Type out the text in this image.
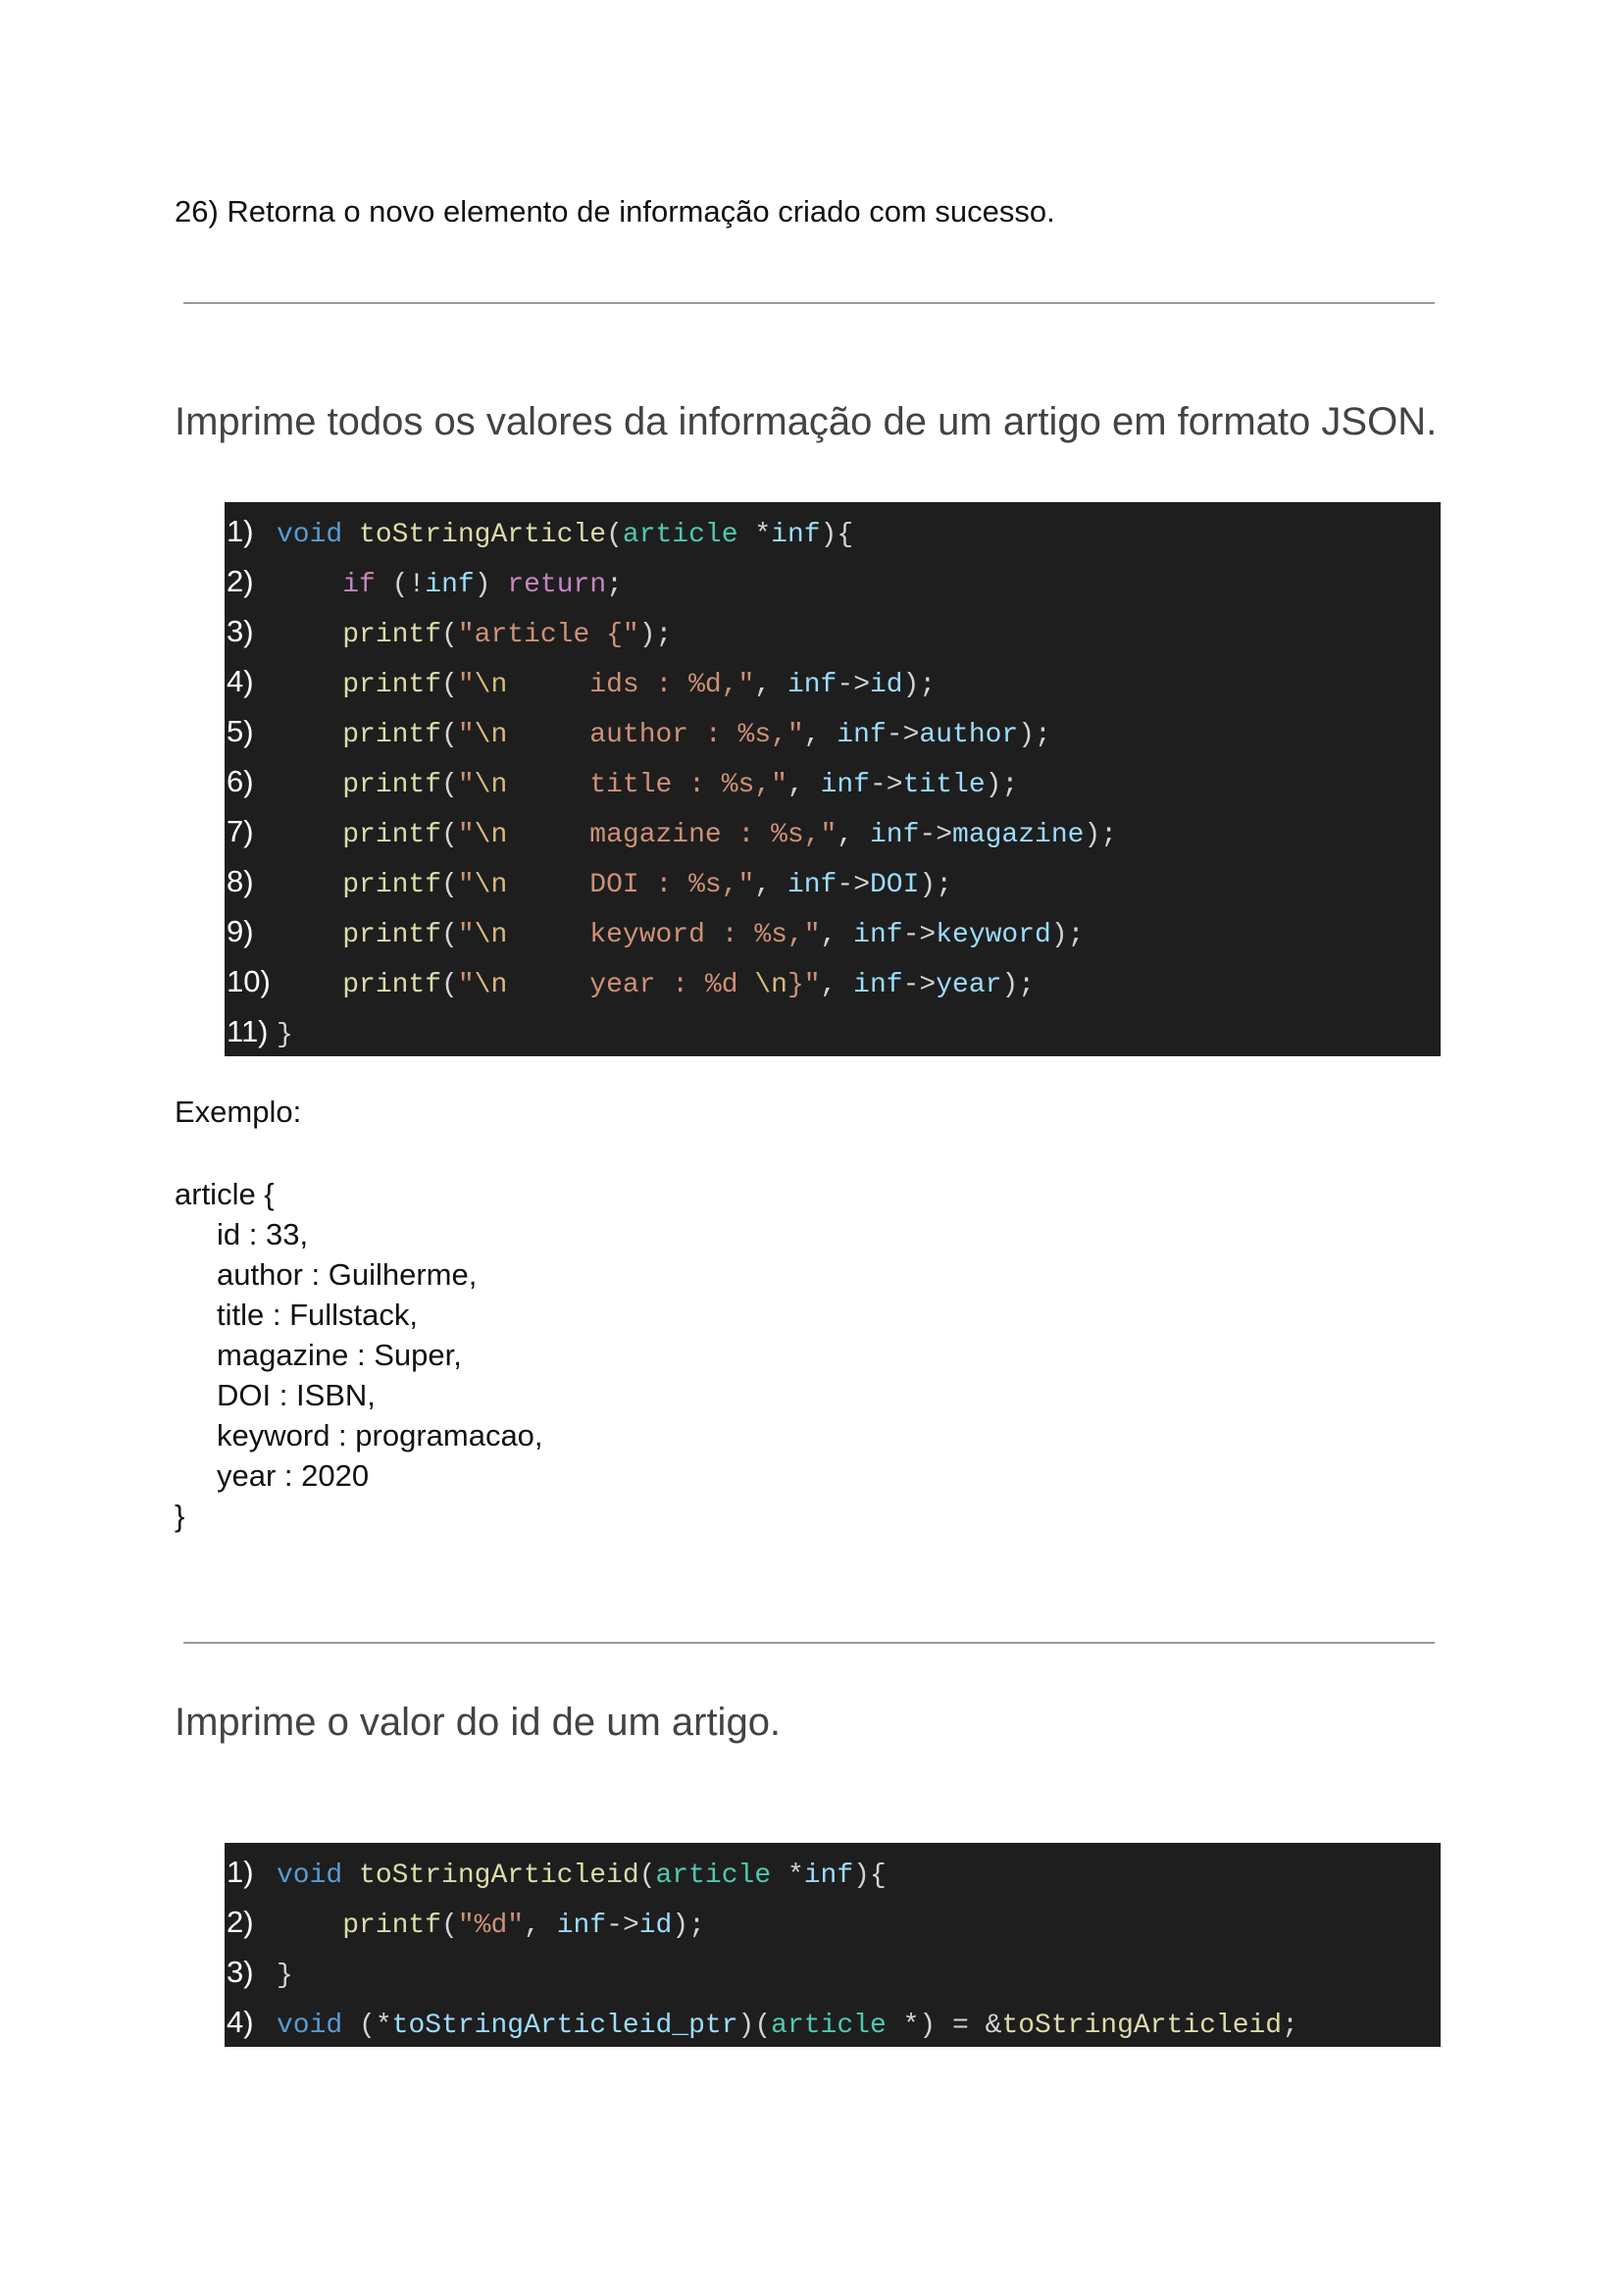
26) Retorna o novo elemento de informação criado com sucesso.
Imprime todos os valores da informação de um artigo em formato JSON.
1) void toStringArticle(article *inf){
2)	if (!inf) return;
3)	printf("article {");
4)	printf("\n     ids : %d,", inf->id);
5)	printf("\n     author : %s,", inf->author);
6)	printf("\n     title : %s,", inf->title);
7)	printf("\n     magazine : %s,", inf->magazine);
8)	printf("\n     DOI : %s,", inf->DOI);
9)	printf("\n     keyword : %s,", inf->keyword);
10)	printf("\n     year : %d \n}", inf->year);
11) }
Exemplo:
article {
id : 33,
author : Guilherme,
title : Fullstack,
magazine : Super,
DOI : ISBN,
keyword : programacao,
year : 2020
}
Imprime o valor do id de um artigo.
1) void toStringArticleid(article *inf){
2)	printf("%d", inf->id);
3) }
4) void (*toStringArticleid_ptr)(article *) = &toStringArticleid;
